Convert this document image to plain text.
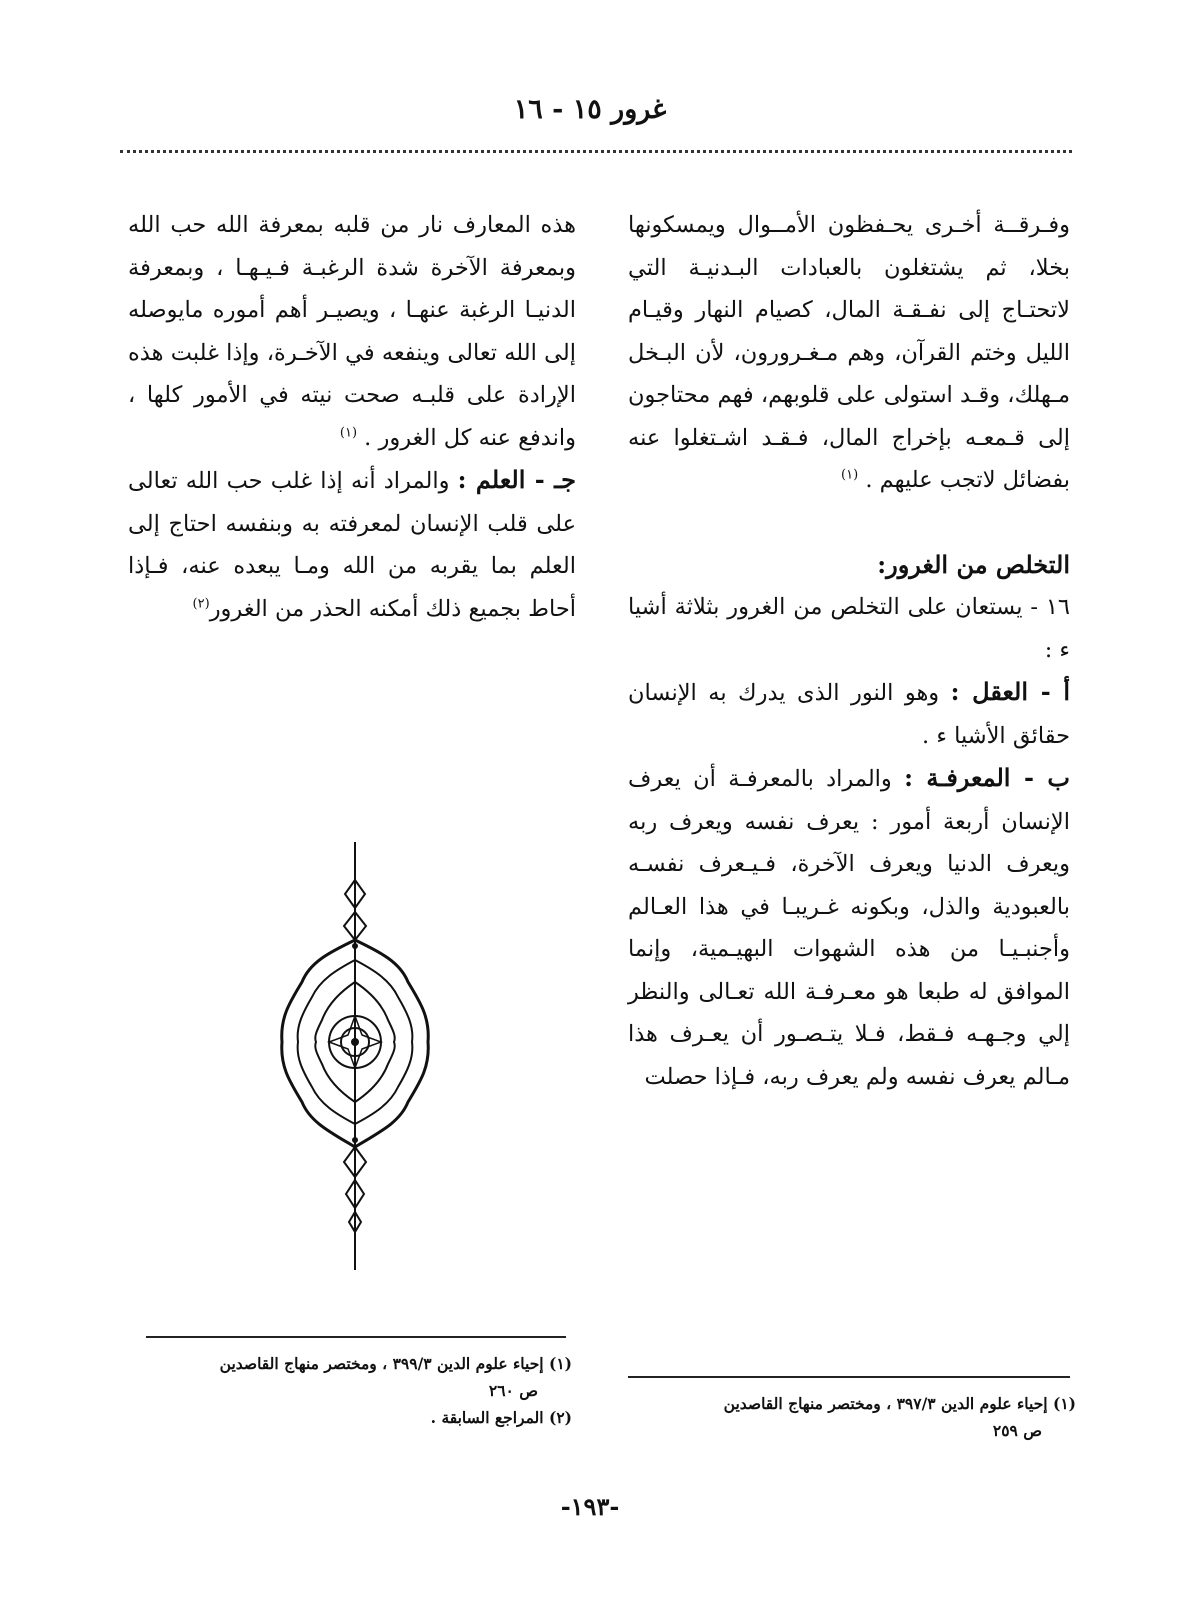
غرور ١٥ - ١٦

وفـرقــة أخـرى يحـفظون الأمــوال ويمسكونها بخلا، ثم يشتغلون بالعبادات البـدنيـة التي لاتحتـاج إلى نفـقـة المال، كصيام النهار وقيـام الليل وختم القرآن، وهم مـغـرورون، لأن البـخل مـهلك، وقـد استولى على قلوبهم، فهم محتاجون إلى قـمعـه بإخراج المال، فـقـد اشـتغلوا عنه بفضائل لاتجب عليهم . $^{(١)}$

التخلص من الغرور:

١٦ - يستعان على التخلص من الغرور بثلاثة أشيا ء :

أ - العقل : وهو النور الذى يدرك به الإنسان حقائق الأشيا ء .

ب - المعرفـة : والمراد بالمعرفـة أن يعرف الإنسان أربعة أمور : يعرف نفسه ويعرف ربه ويعرف الدنيا ويعرف الآخرة، فـيـعرف نفسـه بالعبودية والذل، وبكونه غـريبـا في هذا العـالم وأجنبـيـا من هذه الشهوات البهيـمية، وإنما الموافق له طبعا هو معـرفـة الله تعـالى والنظر إلي وجـهـه فـقط، فـلا يتـصـور أن يعـرف هذا مـالم يعرف نفسه ولم يعرف ربه، فـإذا حصلت

هذه المعارف نار من قلبه بمعرفة الله حب الله وبمعرفة الآخرة شدة الرغبـة فـيـهـا ، وبمعرفة الدنيـا الرغبة عنهـا ، ويصيـر أهم أموره مايوصله إلى الله تعالى وينفعه في الآخـرة، وإذا غلبت هذه الإرادة على قلبـه صحت نيته في الأمور كلها ، واندفع عنه كل الغرور . $^{(١)}$

جـ - العلم : والمراد أنه إذا غلب حب الله تعالى على قلب الإنسان لمعرفته به وبنفسه احتاج إلى العلم بما يقربه من الله ومـا يبعده عنه، فـإذا أحاط بجميع ذلك أمكنه الحذر من الغرور$^{(٢)}$

(١) إحياء علوم الدين ٣٩٧/٣ ، ومختصر منهاج القاصدين

ص ٢٥٩

(١) إحياء علوم الدين ٣٩٩/٣ ، ومختصر منهاج القاصدين

ص ٢٦٠

(٢) المراجع السابقة .

-١٩٣-
